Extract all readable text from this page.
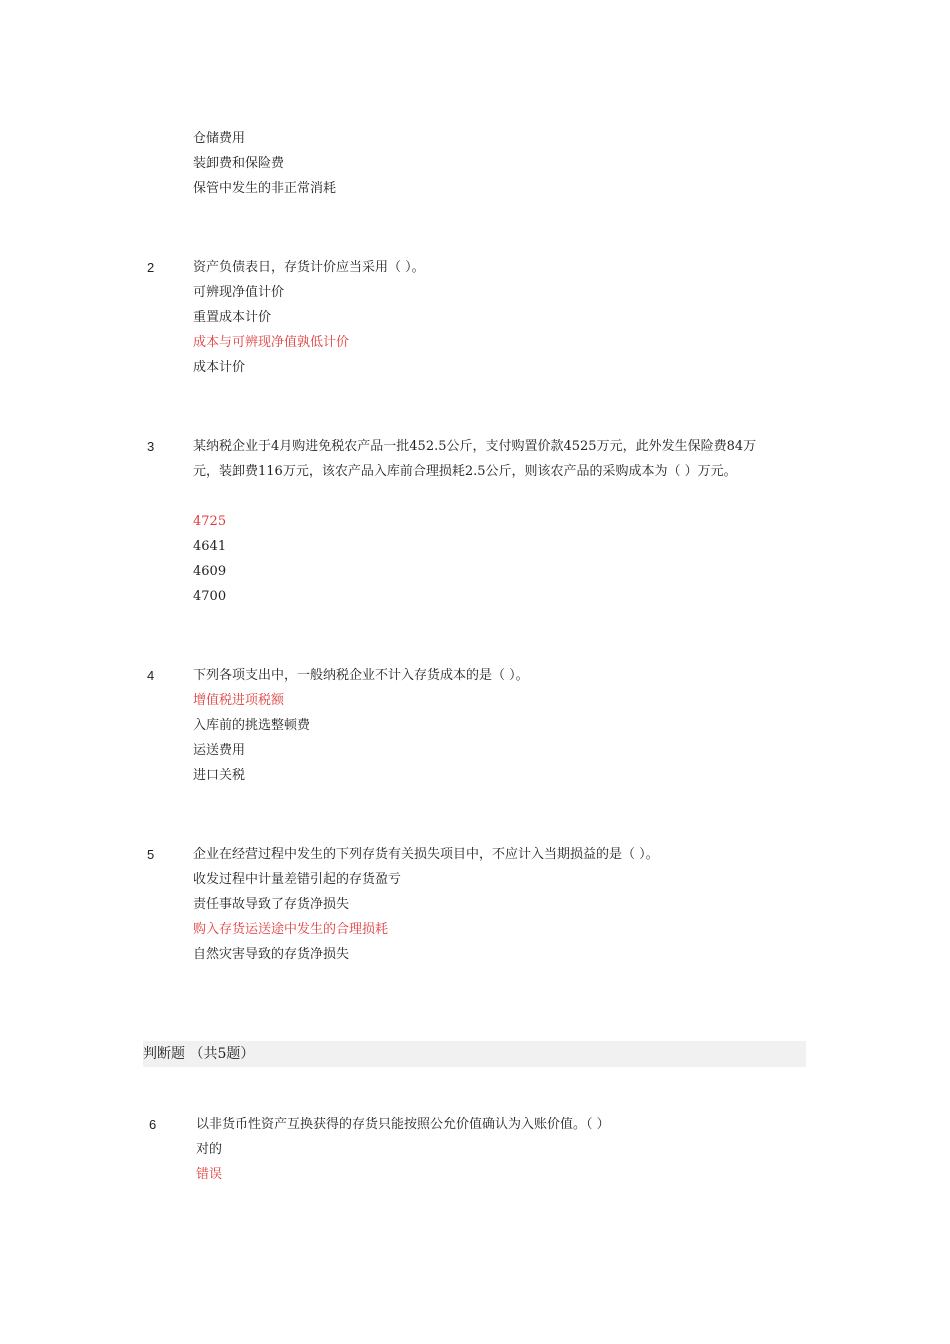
仓储费用
装卸费和保险费
保管中发生的非正常消耗
2	资产负债表日，存货计价应当采用（ ）。
可辨现净值计价
重置成本计价
成本与可辨现净值孰低计价
成本计价
3	某纳税企业于4月购进免税农产品一批452.5公斤，支付购置价款4525万元，此外发生保险费84万元，装卸费116万元，该农产品入库前合理损耗2.5公斤，则该农产品的采购成本为（ ）万元。
4725
4641
4609
4700
4	下列各项支出中，一般纳税企业不计入存货成本的是（ ）。
增值税进项税额
入库前的挑选整顿费
运送费用
进口关税
5	企业在经营过程中发生的下列存货有关损失项目中，不应计入当期损益的是（ ）。
收发过程中计量差错引起的存货盈亏
责任事故导致了存货净损失
购入存货运送途中发生的合理损耗
自然灾害导致的存货净损失
判断题 （共5题）
6	以非货币性资产互换获得的存货只能按照公允价值确认为入账价值。（ ）
对的
错误
